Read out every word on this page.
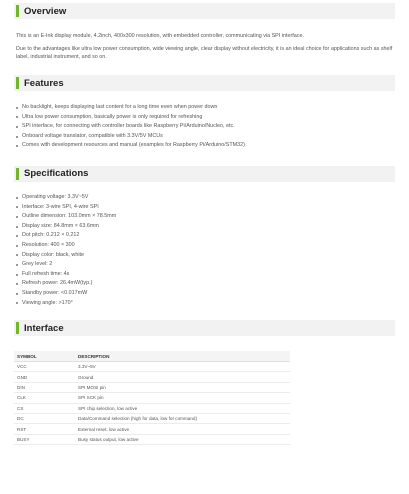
Overview

This is an E-Ink display module, 4.2inch, 400x300 resolution, with embedded controller, communicating via SPI interface.

Due to the advantages like ultra low power consumption, wide viewing angle, clear display without electricity, it is an ideal choice for applications such as shelf label, industrial instrument, and so on.

Features
No backlight, keeps displaying last content for a long time even when power down
Ultra low power consumption, basically power is only required for refreshing
SPI interface, for connecting with controller boards like Raspberry Pi/Arduino/Nucleo, etc.
Onboard voltage translator, compatible with 3.3V/5V MCUs
Comes with development resources and manual (examples for Raspberry Pi/Arduino/STM32)
Specifications
Operating voltage: 3.3V~5V
Interface: 3-wire SPI, 4-wire SPI
Outline dimension: 103.0mm × 78.5mm
Display size: 84.8mm × 63.6mm
Dot pitch: 0.212 × 0.212
Resolution: 400 × 300
Display color: black, white
Grey level: 2
Full refresh time: 4s
Refresh power: 26.4mW(typ.)
Standby power: <0.017mW
Viewing angle: >170°
Interface
SYMBOL	DESCRIPTION
VCC	3.3V~5V
GND	Ground
DIN	SPI MOSI pin
CLK	SPI SCK pin
CS	SPI chip selection, low active
DC	Data/Command selection (high for data, low for command)
RST	External reset, low active
BUSY	Busy status output, low active
